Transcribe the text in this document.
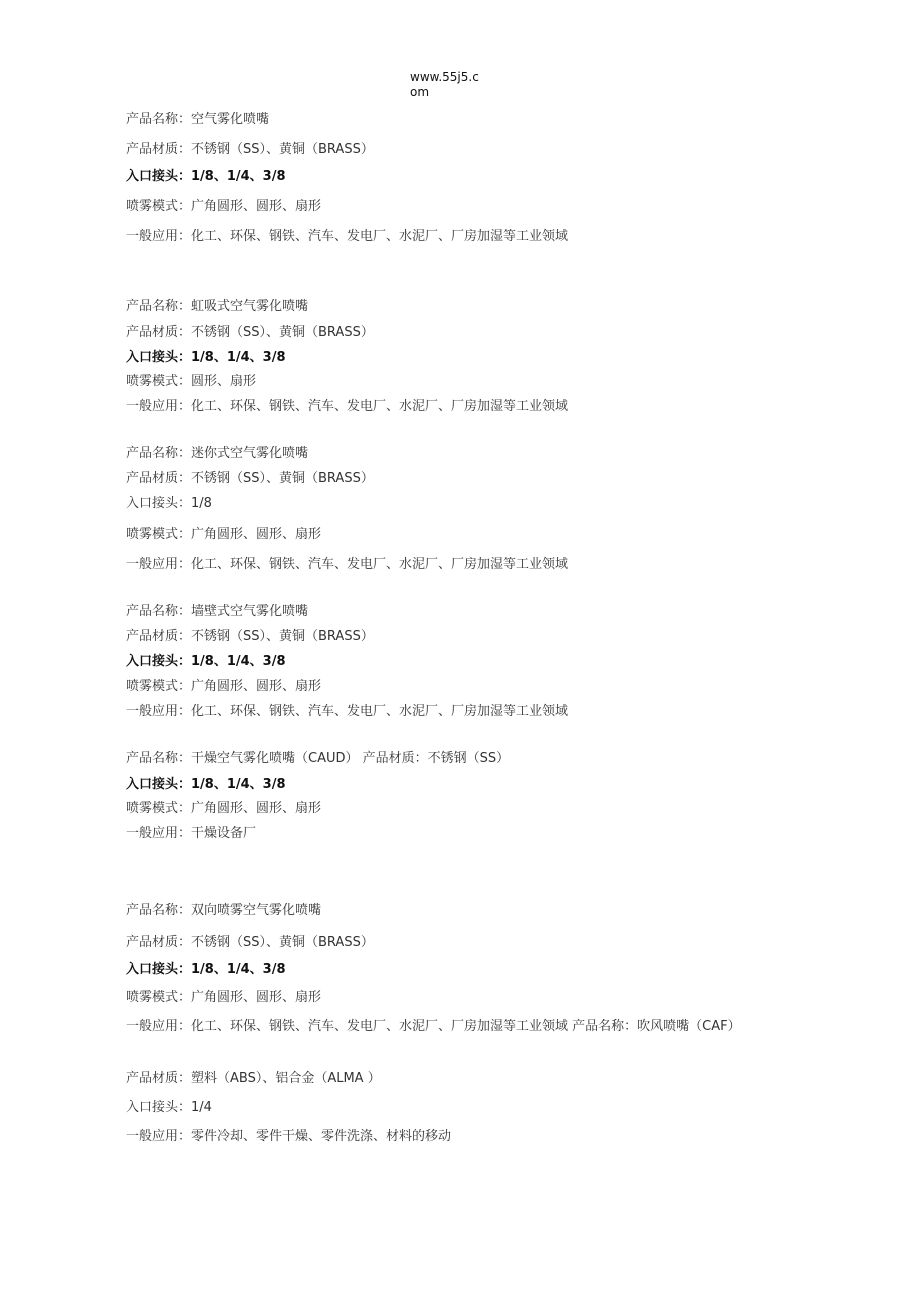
www.55j5.com
产品名称：空气雾化喷嘴
产品材质：不锈钢（SS）、黄铜（BRASS）
入口接头：1/8、1/4、3/8
喷雾模式：广角圆形、圆形、扇形
一般应用：化工、环保、钢铁、汽车、发电厂、水泥厂、厂房加湿等工业领域
产品名称：虹吸式空气雾化喷嘴
产品材质：不锈钢（SS）、黄铜（BRASS）
入口接头：1/8、1/4、3/8
喷雾模式：圆形、扇形
一般应用：化工、环保、钢铁、汽车、发电厂、水泥厂、厂房加湿等工业领域
产品名称：迷你式空气雾化喷嘴
产品材质：不锈钢（SS）、黄铜（BRASS）
入口接头：1/8
喷雾模式：广角圆形、圆形、扇形
一般应用：化工、环保、钢铁、汽车、发电厂、水泥厂、厂房加湿等工业领域
产品名称：墙壁式空气雾化喷嘴
产品材质：不锈钢（SS）、黄铜（BRASS）
入口接头：1/8、1/4、3/8
喷雾模式：广角圆形、圆形、扇形
一般应用：化工、环保、钢铁、汽车、发电厂、水泥厂、厂房加湿等工业领域
产品名称：干燥空气雾化喷嘴（CAUD） 产品材质：不锈钢（SS）
入口接头：1/8、1/4、3/8
喷雾模式：广角圆形、圆形、扇形
一般应用：干燥设备厂
产品名称：双向喷雾空气雾化喷嘴
产品材质：不锈钢（SS）、黄铜（BRASS）
入口接头：1/8、1/4、3/8
喷雾模式：广角圆形、圆形、扇形
一般应用：化工、环保、钢铁、汽车、发电厂、水泥厂、厂房加湿等工业领域 产品名称：吹风喷嘴（CAF）
产品材质：塑料（ABS）、铝合金（ALMA ）
入口接头：1/4
一般应用：零件冷却、零件干燥、零件洗涤、材料的移动
